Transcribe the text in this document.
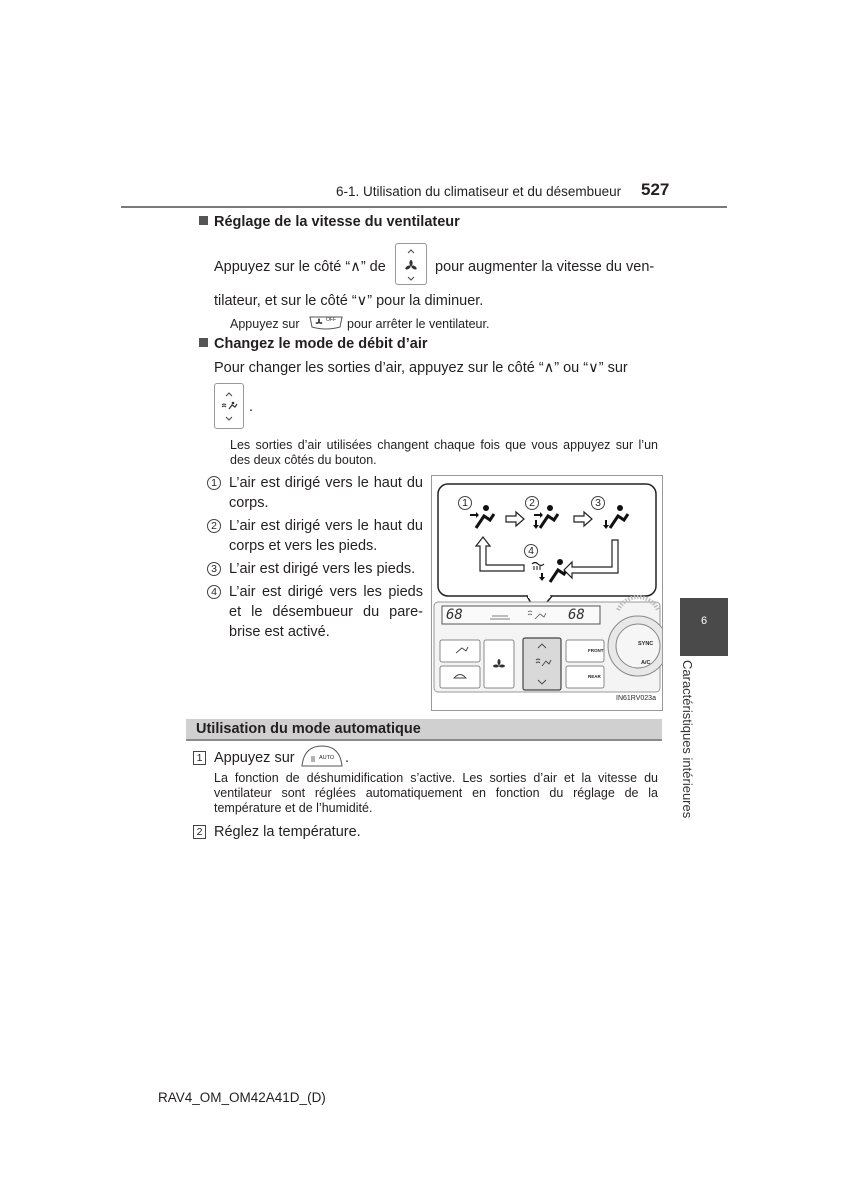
6-1. Utilisation du climatiseur et du désembueur 527
Réglage de la vitesse du ventilateur
Appuyez sur le côté “∧” de	pour augmenter la vitesse du ven-
tilateur, et sur le côté “∨” pour la diminuer.
Appuyez sur	OFF pour arrêter le ventilateur.
Changez le mode de débit d’air
Pour changer les sorties d’air, appuyez sur le côté “∧” ou “∨” sur
.
Les sorties d’air utilisées changent chaque fois que vous appuyez sur l’un des deux côtés du bouton.
1 L’air est dirigé vers le haut du corps.
2 L’air est dirigé vers le haut du corps et vers les pieds.
3 L’air est dirigé vers les pieds.
4 L’air est dirigé vers les pieds et le désembueur du pare-brise est activé.
1	2	3
4
68	68
SYNC
A/C
FRONT
REAR
IN61RV023a
Utilisation du mode automatique
1 Appuyez sur	AUTO .
La fonction de déshumidification s’active. Les sorties d’air et la vitesse du ventilateur sont réglées automatiquement en fonction du réglage de la température et de l’humidité.
2 Réglez la température.
6
Caractéristiques intérieures
RAV4_OM_OM42A41D_(D)
